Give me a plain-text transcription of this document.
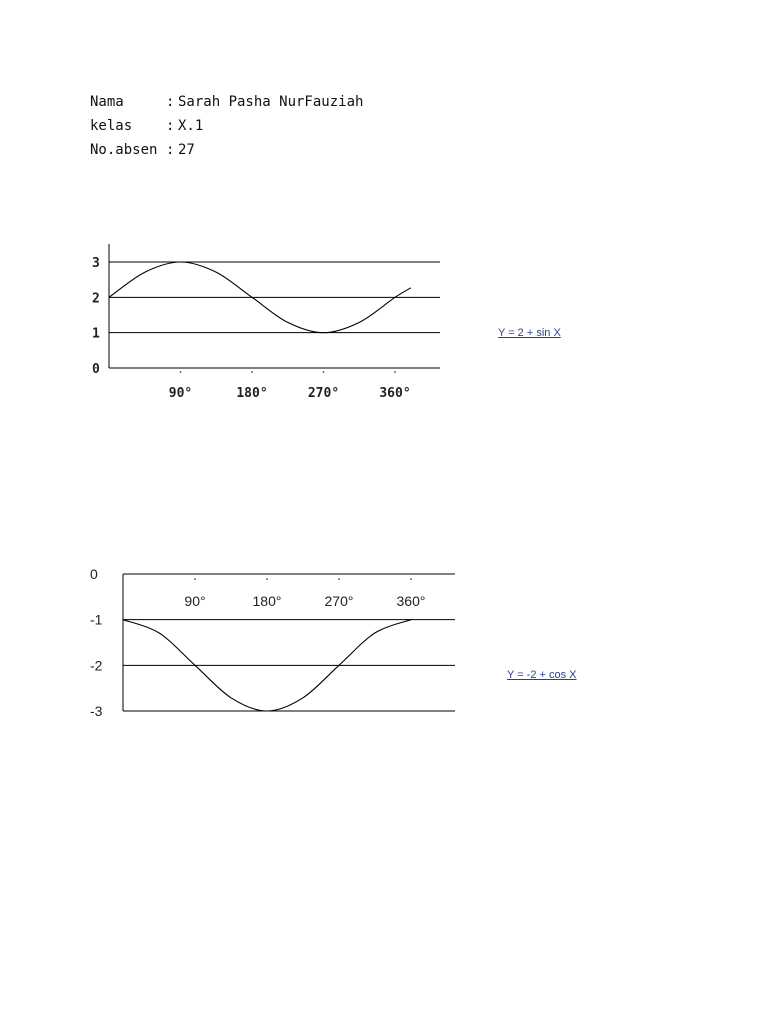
Nama	: Sarah Pasha NurFauziah
kelas	: X.1
No.absen : 27
3
2
1
0
90°	180°	270°	360°
0
-1
-2
-3
90°	180°	270°	360°
Y = 2 + sin X
Y = -2 + cos X
